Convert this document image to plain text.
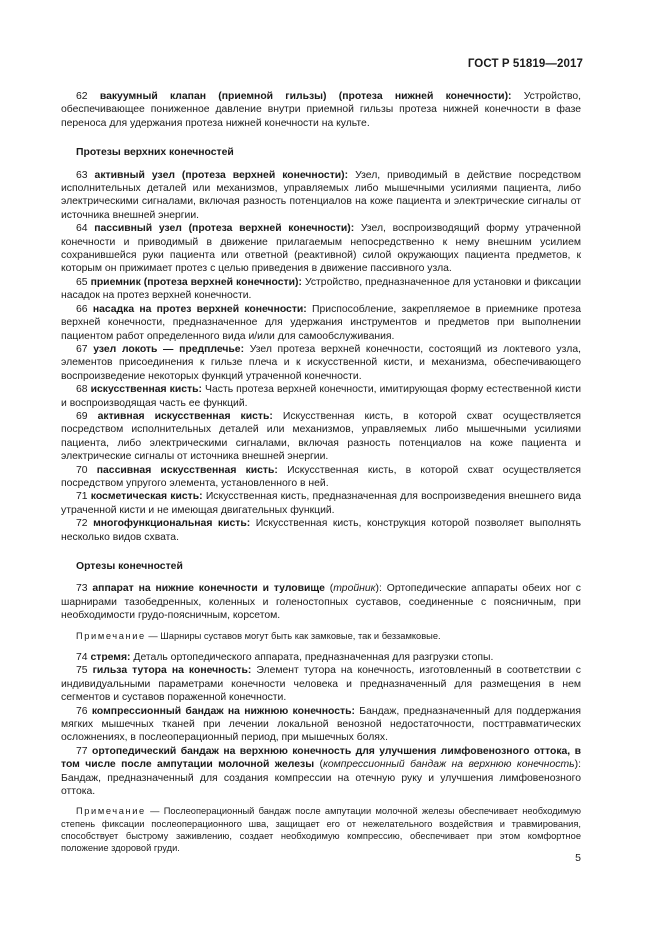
ГОСТ Р 51819—2017

62 вакуумный клапан (приемной гильзы) (протеза нижней конечности): Устройство, обеспечивающее пониженное давление внутри приемной гильзы протеза нижней конечности в фазе переноса для удержания протеза нижней конечности на культе.

Протезы верхних конечностей

63 активный узел (протеза верхней конечности): Узел, приводимый в действие посредством исполнительных деталей или механизмов, управляемых либо мышечными усилиями пациента, либо электрическими сигналами, включая разность потенциалов на коже пациента и электрические сигналы от источника внешней энергии.

64 пассивный узел (протеза верхней конечности): Узел, воспроизводящий форму утраченной конечности и приводимый в движение прилагаемым непосредственно к нему внешним усилием сохранившейся руки пациента или ответной (реактивной) силой окружающих пациента предметов, к которым он прижимает протез с целью приведения в движение пассивного узла.

65 приемник (протеза верхней конечности): Устройство, предназначенное для установки и фиксации насадок на протез верхней конечности.

66 насадка на протез верхней конечности: Приспособление, закрепляемое в приемнике протеза верхней конечности, предназначенное для удержания инструментов и предметов при выполнении пациентом работ определенного вида и/или для самообслуживания.

67 узел локоть — предплечье: Узел протеза верхней конечности, состоящий из локтевого узла, элементов присоединения к гильзе плеча и к искусственной кисти, и механизма, обеспечивающего воспроизведение некоторых функций утраченной конечности.

68 искусственная кисть: Часть протеза верхней конечности, имитирующая форму естественной кисти и воспроизводящая часть ее функций.

69 активная искусственная кисть: Искусственная кисть, в которой схват осуществляется посредством исполнительных деталей или механизмов, управляемых либо мышечными усилиями пациента, либо электрическими сигналами, включая разность потенциалов на коже пациента и электрические сигналы от источника внешней энергии.

70 пассивная искусственная кисть: Искусственная кисть, в которой схват осуществляется посредством упругого элемента, установленного в ней.

71 косметическая кисть: Искусственная кисть, предназначенная для воспроизведения внешнего вида утраченной кисти и не имеющая двигательных функций.

72 многофункциональная кисть: Искусственная кисть, конструкция которой позволяет выполнять несколько видов схвата.

Ортезы конечностей

73 аппарат на нижние конечности и туловище (тройник): Ортопедические аппараты обеих ног с шарнирами тазобедренных, коленных и голеностопных суставов, соединенные с поясничным, при необходимости грудо-поясничным, корсетом.

Примечание — Шарниры суставов могут быть как замковые, так и беззамковые.

74 стремя: Деталь ортопедического аппарата, предназначенная для разгрузки стопы.

75 гильза тутора на конечность: Элемент тутора на конечность, изготовленный в соответствии с индивидуальными параметрами конечности человека и предназначенный для размещения в нем сегментов и суставов пораженной конечности.

76 компрессионный бандаж на нижнюю конечность: Бандаж, предназначенный для поддержания мягких мышечных тканей при лечении локальной венозной недостаточности, посттравматических осложнениях, в послеоперационный период, при мышечных болях.

77 ортопедический бандаж на верхнюю конечность для улучшения лимфовенозного оттока, в том числе после ампутации молочной железы (компрессионный бандаж на верхнюю конечность): Бандаж, предназначенный для создания компрессии на отечную руку и улучшения лимфовенозного оттока.

Примечание — Послеоперационный бандаж после ампутации молочной железы обеспечивает необходимую степень фиксации послеоперационного шва, защищает его от нежелательного воздействия и травмирования, способствует быстрому заживлению, создает необходимую компрессию, обеспечивает при этом комфортное положение здоровой груди.

5
